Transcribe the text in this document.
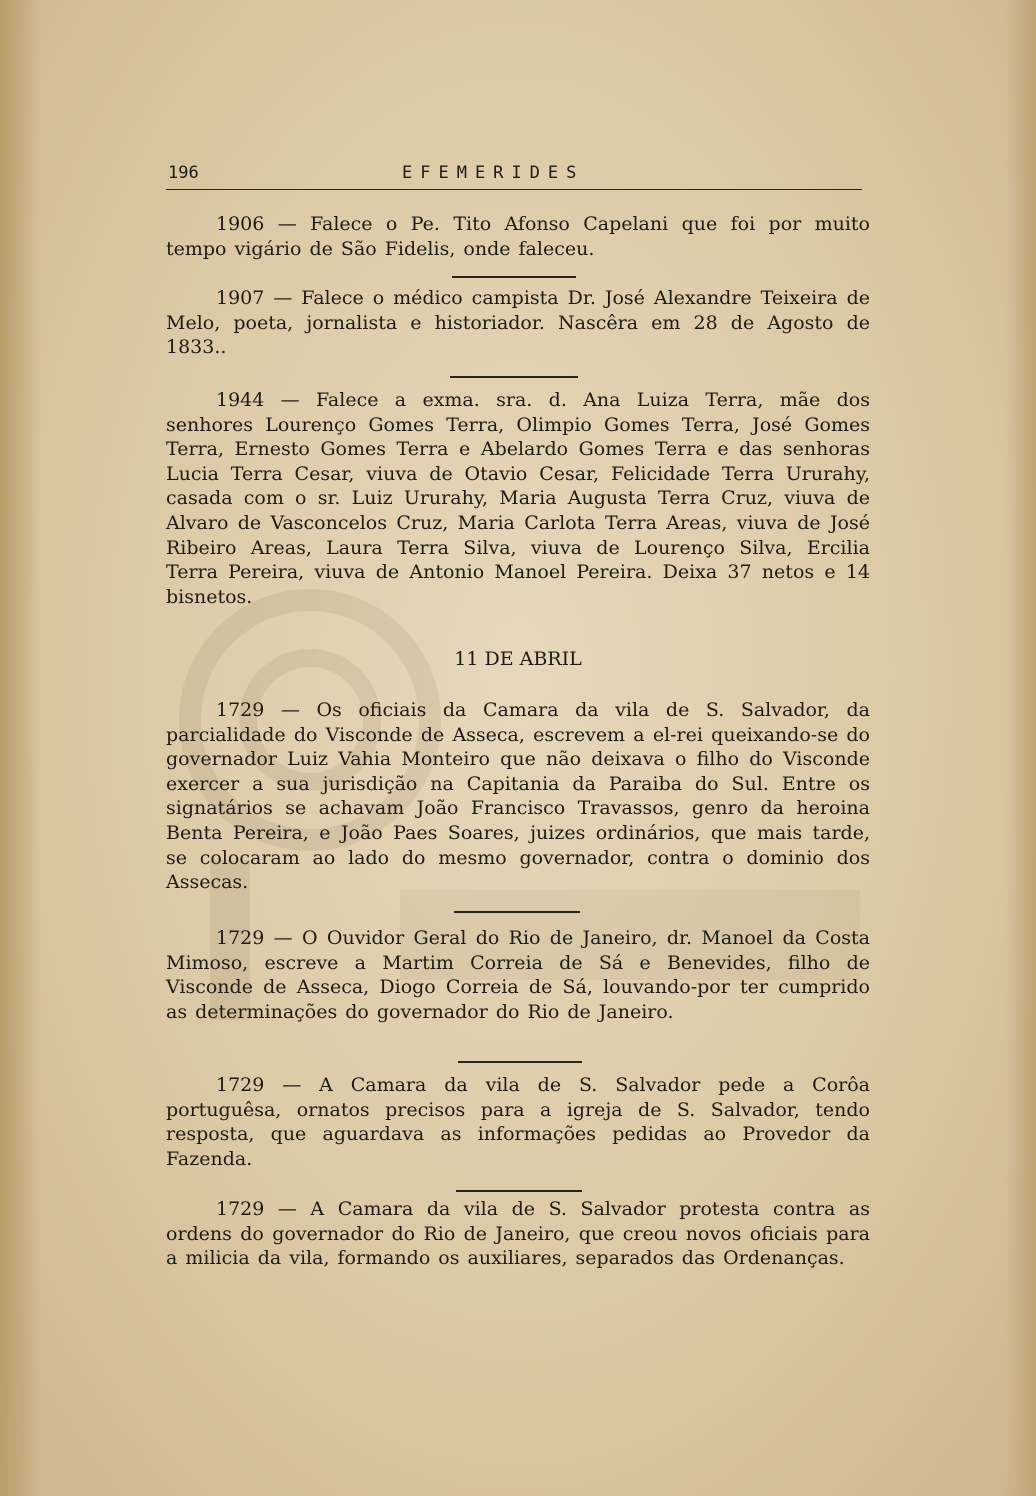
196	EFEMERIDES

1906 — Falece o Pe. Tito Afonso Capelani que foi por muito tempo vigário de São Fidelis, onde faleceu.

1907 — Falece o médico campista Dr. José Alexandre Teixeira de Melo, poeta, jornalista e historiador. Nascêra em 28 de Agosto de 1833..

1944 — Falece a exma. sra. d. Ana Luiza Terra, mãe dos senhores Lourenço Gomes Terra, Olimpio Gomes Terra, José Gomes Terra, Ernesto Gomes Terra e Abelardo Gomes Terra e das senhoras Lucia Terra Cesar, viuva de Otavio Cesar, Felicidade Terra Ururahy, casada com o sr. Luiz Ururahy, Maria Augusta Terra Cruz, viuva de Alvaro de Vasconcelos Cruz, Maria Carlota Terra Areas, viuva de José Ribeiro Areas, Laura Terra Silva, viuva de Lourenço Silva, Ercilia Terra Pereira, viuva de Antonio Manoel Pereira. Deixa 37 netos e 14 bisnetos.

11 DE ABRIL

1729 — Os oficiais da Camara da vila de S. Salvador, da parcialidade do Visconde de Asseca, escrevem a el-rei queixando-se do governador Luiz Vahia Monteiro que não deixava o filho do Visconde exercer a sua jurisdição na Capitania da Paraiba do Sul. Entre os signatários se achavam João Francisco Travassos, genro da heroina Benta Pereira, e João Paes Soares, juizes ordinários, que mais tarde, se colocaram ao lado do mesmo governador, contra o dominio dos Assecas.

1729 — O Ouvidor Geral do Rio de Janeiro, dr. Manoel da Costa Mimoso, escreve a Martim Correia de Sá e Benevides, filho de Visconde de Asseca, Diogo Correia de Sá, louvando-por ter cumprido as determinações do governador do Rio de Janeiro.

1729 — A Camara da vila de S. Salvador pede a Corôa portuguêsa, ornatos precisos para a igreja de S. Salvador, tendo resposta, que aguardava as informações pedidas ao Provedor da Fazenda.

1729 — A Camara da vila de S. Salvador protesta contra as ordens do governador do Rio de Janeiro, que creou novos oficiais para a milicia da vila, formando os auxiliares, separados das Ordenanças.
